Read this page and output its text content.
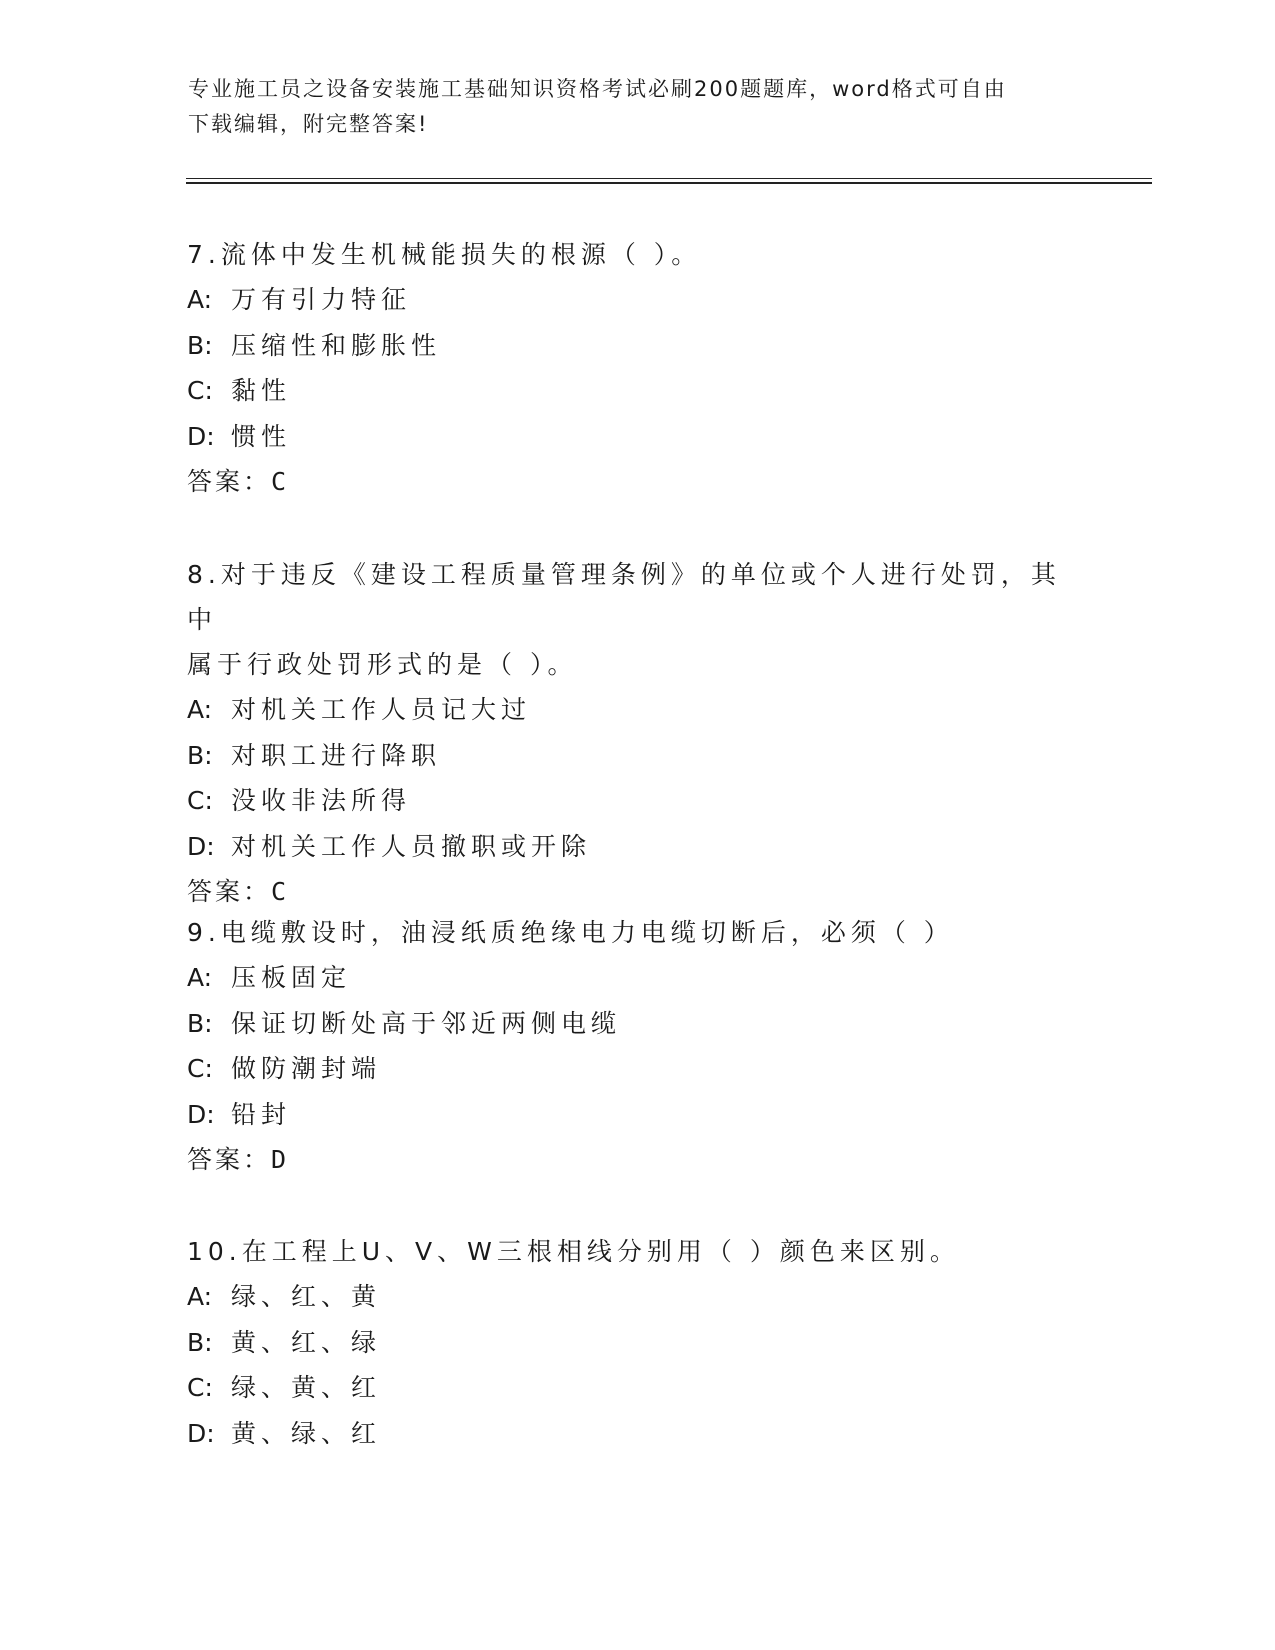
专业施工员之设备安装施工基础知识资格考试必刷200题题库，word格式可自由
下载编辑，附完整答案!

7.流体中发生机械能损失的根源（ ）。

A: 万有引力特征

B: 压缩性和膨胀性

C: 黏性

D: 惯性

答案：C

8.对于违反《建设工程质量管理条例》的单位或个人进行处罚，其中

属于行政处罚形式的是（ ）。

A: 对机关工作人员记大过

B: 对职工进行降职

C: 没收非法所得

D: 对机关工作人员撤职或开除

答案：C

9.电缆敷设时，油浸纸质绝缘电力电缆切断后，必须（ ）

A: 压板固定

B: 保证切断处高于邻近两侧电缆

C: 做防潮封端

D: 铅封

答案：D

10.在工程上U、V、W三根相线分别用（ ）颜色来区别。

A: 绿、红、黄

B: 黄、红、绿

C: 绿、黄、红

D: 黄、绿、红
